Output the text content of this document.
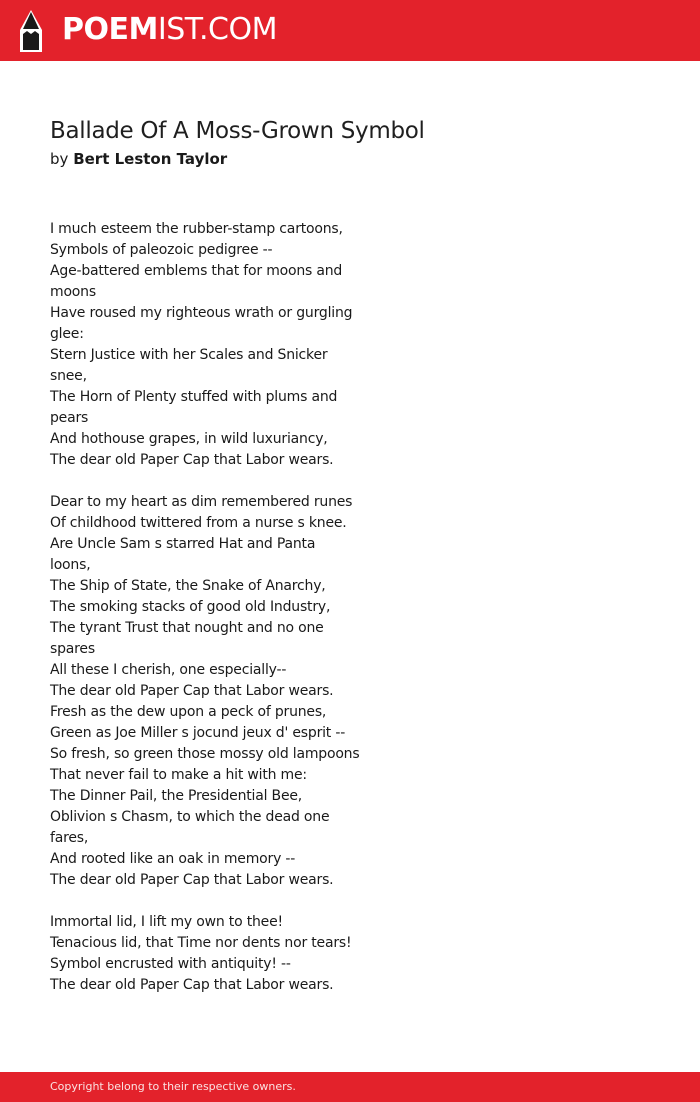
POEMIST.COM
Ballade Of A Moss-Grown Symbol
by Bert Leston Taylor
I much esteem the rubber-stamp cartoons,
Symbols of paleozoic pedigree --
Age-battered emblems that for moons and
moons
Have roused my righteous wrath or gurgling
glee:
Stern Justice with her Scales and Snicker
snee,
The Horn of Plenty stuffed with plums and
pears
And hothouse grapes, in wild luxuriancy,
The dear old Paper Cap that Labor wears.
Dear to my heart as dim remembered runes
Of childhood twittered from a nurse s knee.
Are Uncle Sam s starred Hat and Panta
loons,
The Ship of State, the Snake of Anarchy,
The smoking stacks of good old Industry,
The tyrant Trust that nought and no one
spares
All these I cherish, one especially--
The dear old Paper Cap that Labor wears.
Fresh as the dew upon a peck of prunes,
Green as Joe Miller s jocund jeux d' esprit --
So fresh, so green those mossy old lampoons
That never fail to make a hit with me:
The Dinner Pail, the Presidential Bee,
Oblivion s Chasm, to which the dead one
fares,
And rooted like an oak in memory --
The dear old Paper Cap that Labor wears.
Immortal lid, I lift my own to thee!
Tenacious lid, that Time nor dents nor tears!
Symbol encrusted with antiquity! --
The dear old Paper Cap that Labor wears.
Copyright belong to their respective owners.
